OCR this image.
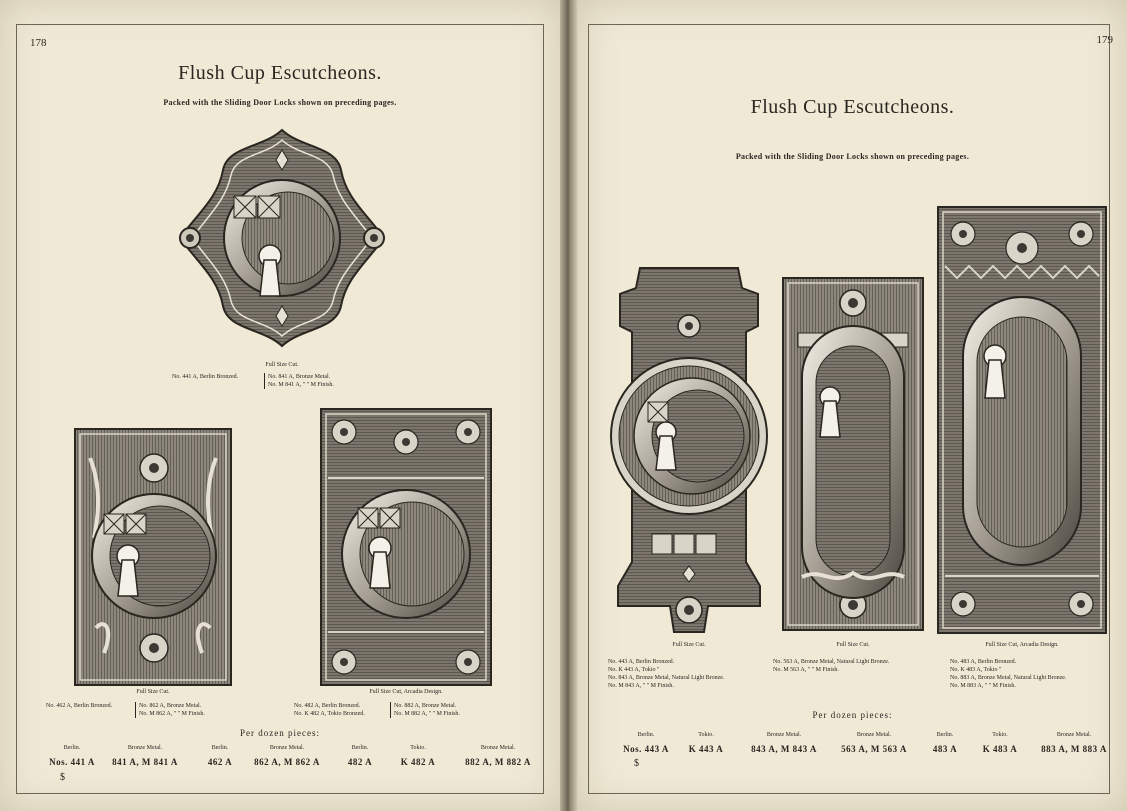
178
Flush Cup Escutcheons.
Packed with the Sliding Door Locks shown on preceding pages.
Full Size Cut.
No. 441 A, Berlin Bronzed.	No. 841 A, Bronze Metal.
No. M 841 A, " " M Finish.
Full Size Cut.
No. 462 A, Berlin Bronzed.	No. 862 A, Bronze Metal.
No. M 862 A, " " M Finish.
Full Size Cut, Arcadia Design.
No. 482 A, Berlin Bronzed.
No. K 482 A, Tokio Bronzed.
No. 882 A, Bronze Metal.
No. M 882 A, " " M Finish.
Per dozen pieces:
Berlin.
Nos. 441 A
Bronze Metal.
841 A, M 841 A
Berlin.
462 A
Bronze Metal.
862 A, M 862 A
Berlin.
482 A
Tokio.
K 482 A
Bronze Metal.
882 A, M 882 A
$
179
Flush Cup Escutcheons.
Packed with the Sliding Door Locks shown on preceding pages.
Full Size Cut.
No. 443 A, Berlin Bronzed.
No. K 443 A, Tokio "
No. 843 A, Bronze Metal, Natural Light Bronze.
No. M 843 A, " " M Finish.
Full Size Cut.
No. 563 A, Bronze Metal, Natural Light Bronze.
No. M 563 A, " " M Finish.
Full Size Cut, Arcadia Design.
No. 483 A, Berlin Bronzed.
No. K 483 A, Tokio "
No. 883 A, Bronze Metal, Natural Light Bronze.
No. M 883 A, " " M Finish.
Per dozen pieces:
Berlin.
Nos. 443 A
Tokio.
K 443 A
Bronze Metal.
843 A, M 843 A
Bronze Metal.
563 A, M 563 A
Berlin.
483 A
Tokio.
K 483 A
Bronze Metal.
883 A, M 883 A
$
